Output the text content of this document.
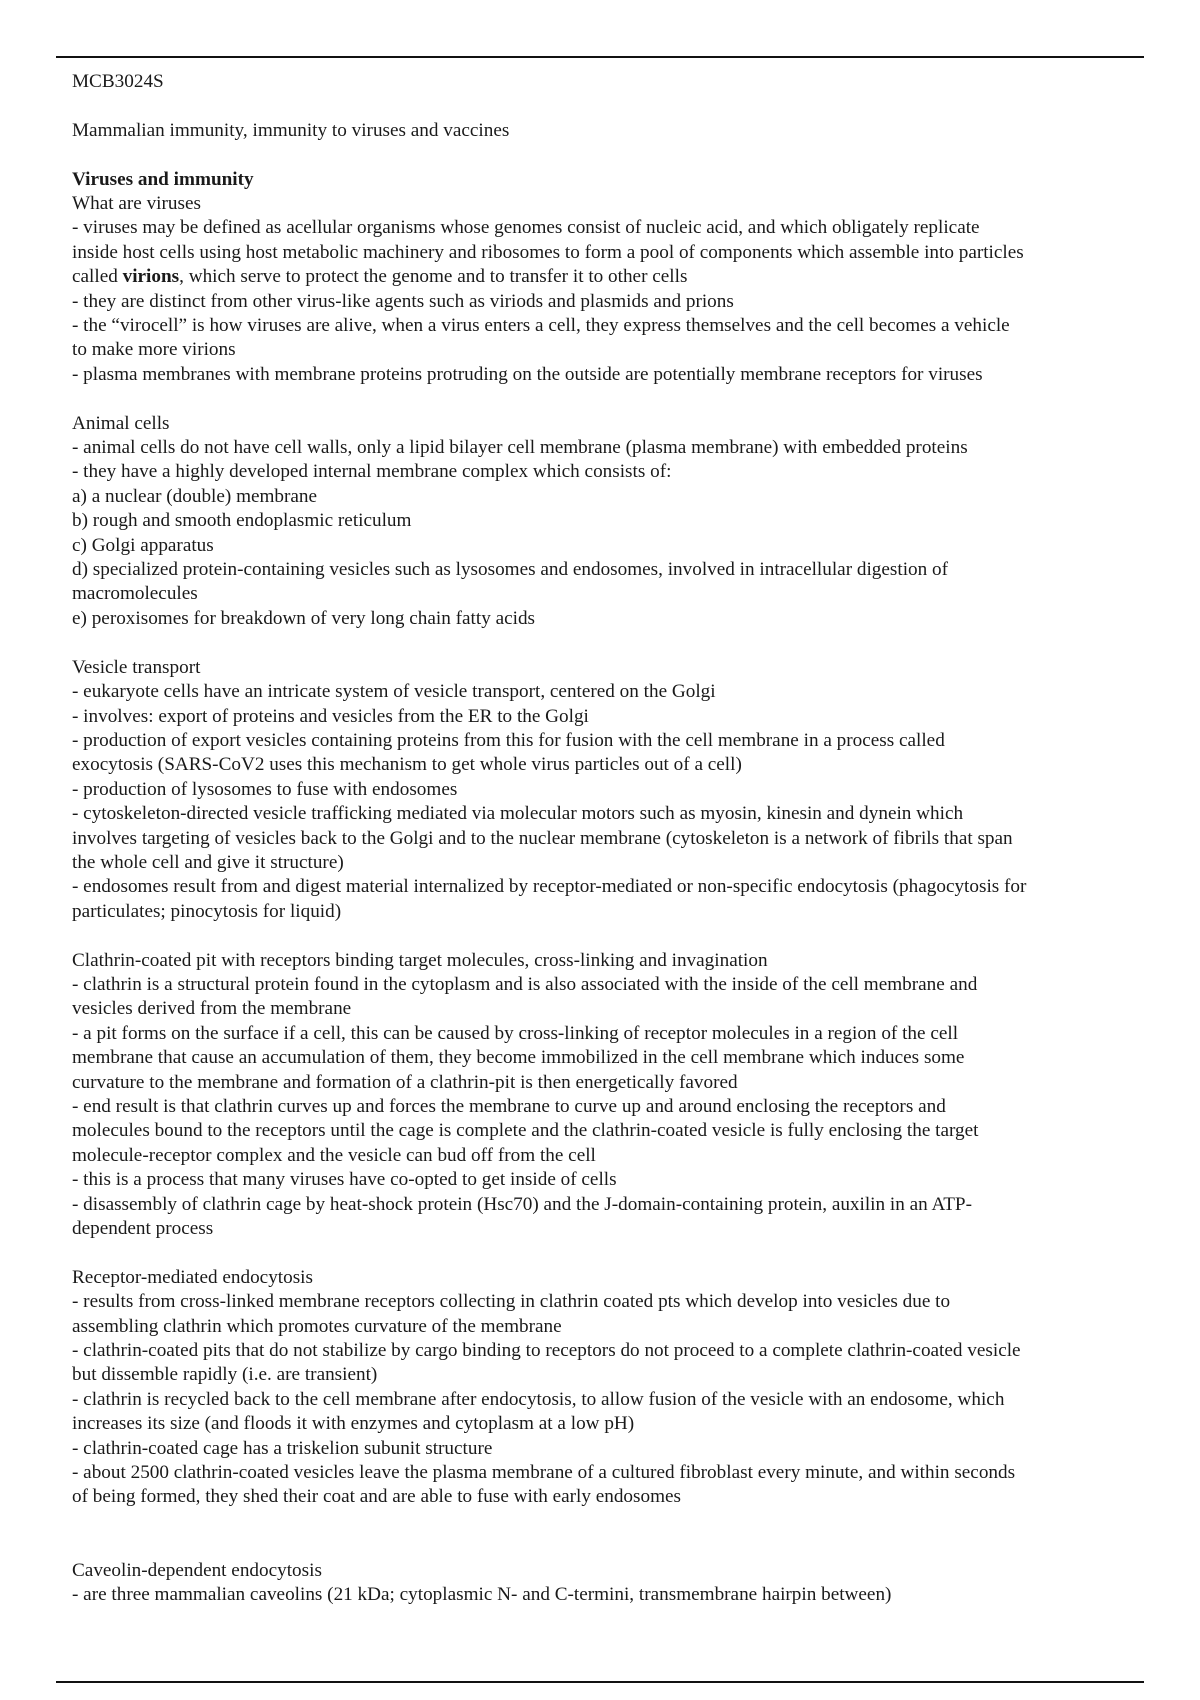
MCB3024S
Mammalian immunity, immunity to viruses and vaccines
Viruses and immunity
What are viruses
- viruses may be defined as acellular organisms whose genomes consist of nucleic acid, and which obligately replicate
inside host cells using host metabolic machinery and ribosomes to form a pool of components which assemble into particles
called virions, which serve to protect the genome and to transfer it to other cells
- they are distinct from other virus-like agents such as viriods and plasmids and prions
- the “virocell” is how viruses are alive, when a virus enters a cell, they express themselves and the cell becomes a vehicle
to make more virions
- plasma membranes with membrane proteins protruding on the outside are potentially membrane receptors for viruses
Animal cells
- animal cells do not have cell walls, only a lipid bilayer cell membrane (plasma membrane) with embedded proteins
- they have a highly developed internal membrane complex which consists of:
a) a nuclear (double) membrane
b) rough and smooth endoplasmic reticulum
c) Golgi apparatus
d) specialized protein-containing vesicles such as lysosomes and endosomes, involved in intracellular digestion of
macromolecules
e) peroxisomes for breakdown of very long chain fatty acids
Vesicle transport
- eukaryote cells have an intricate system of vesicle transport, centered on the Golgi
- involves: export of proteins and vesicles from the ER to the Golgi
- production of export vesicles containing proteins from this for fusion with the cell membrane in a process called
exocytosis (SARS-CoV2 uses this mechanism to get whole virus particles out of a cell)
- production of lysosomes to fuse with endosomes
- cytoskeleton-directed vesicle trafficking mediated via molecular motors such as myosin, kinesin and dynein which
involves targeting of vesicles back to the Golgi and to the nuclear membrane (cytoskeleton is a network of fibrils that span
the whole cell and give it structure)
- endosomes result from and digest material internalized by receptor-mediated or non-specific endocytosis (phagocytosis for
particulates; pinocytosis for liquid)
Clathrin-coated pit with receptors binding target molecules, cross-linking and invagination
- clathrin is a structural protein found in the cytoplasm and is also associated with the inside of the cell membrane and
vesicles derived from the membrane
- a pit forms on the surface if a cell, this can be caused by cross-linking of receptor molecules in a region of the cell
membrane that cause an accumulation of them, they become immobilized in the cell membrane which induces some
curvature to the membrane and formation of a clathrin-pit is then energetically favored
- end result is that clathrin curves up and forces the membrane to curve up and around enclosing the receptors and
molecules bound to the receptors until the cage is complete and the clathrin-coated vesicle is fully enclosing the target
molecule-receptor complex and the vesicle can bud off from the cell
- this is a process that many viruses have co-opted to get inside of cells
- disassembly of clathrin cage by heat-shock protein (Hsc70) and the J-domain-containing protein, auxilin in an ATP-
dependent process
Receptor-mediated endocytosis
- results from cross-linked membrane receptors collecting in clathrin coated pts which develop into vesicles due to
assembling clathrin which promotes curvature of the membrane
- clathrin-coated pits that do not stabilize by cargo binding to receptors do not proceed to a complete clathrin-coated vesicle
but dissemble rapidly (i.e. are transient)
- clathrin is recycled back to the cell membrane after endocytosis, to allow fusion of the vesicle with an endosome, which
increases its size (and floods it with enzymes and cytoplasm at a low pH)
- clathrin-coated cage has a triskelion subunit structure
- about 2500 clathrin-coated vesicles leave the plasma membrane of a cultured fibroblast every minute, and within seconds
of being formed, they shed their coat and are able to fuse with early endosomes
Caveolin-dependent endocytosis
- are three mammalian caveolins (21 kDa; cytoplasmic N- and C-termini, transmembrane hairpin between)
